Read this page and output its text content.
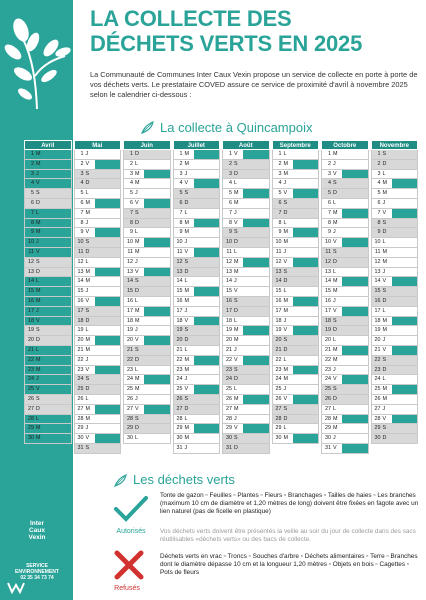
Inter
Caux
Vexin
SERVICE
ENVIRONNEMENT
02 35 34 73 74
LA COLLECTE DES
DÉCHETS VERTS EN 2025

La Communauté de Communes Inter Caux Vexin propose un service de collecte en porte à porte de vos déchets verts. Le prestataire COVED assure ce service de proximité d'avril à novembre 2025 selon le calendrier ci-dessous :

La collecte à Quincampoix
Avril
1 M
2 M
3 J
4 V
5 S
6 D
7 L
8 M
9 M
10 J
11 V
12 S
13 D
14 L
15 M
16 M
17 J
18 V
19 S
20 D
21 L
22 M
23 M
24 J
25 V
26 S
27 D
28 L
29 M
30 M
Mai
1 J
2 V
3 S
4 D
5 L
6 M
7 M
8 J
9 V
10 S
11 D
12 L
13 M
14 M
15 J
16 V
17 S
18 D
19 L
20 M
21 M
22 J
23 V
24 S
25 D
26 L
27 M
28 M
29 J
30 V
31 S
Juin
1 D
2 L
3 M
4 M
5 J
6 V
7 S
8 D
9 L
10 M
11 M
12 J
13 V
14 S
15 D
16 L
17 M
18 M
19 J
20 V
21 S
22 D
23 L
24 M
25 M
26 J
27 V
28 S
29 D
30 L
Juillet
1 M
2 M
3 J
4 V
5 S
6 D
7 L
8 M
9 M
10 J
11 V
12 S
13 D
14 L
15 M
16 M
17 J
18 V
19 S
20 D
21 L
22 M
23 M
24 J
25 V
26 S
27 D
28 L
29 M
30 M
31 J
Août
1 V
2 S
3 D
4 L
5 M
6 M
7 J
8 V
9 S
10 D
11 L
12 M
13 M
14 J
15 V
16 S
17 D
18 L
19 M
20 M
21 J
22 V
23 S
24 D
25 L
26 M
27 M
28 J
29 V
30 S
31 D
Septembre
1 L
2 M
3 M
4 J
5 V
6 S
7 D
8 L
9 M
10 M
11 J
12 V
13 S
14 D
15 L
16 M
17 M
18 J
19 V
20 S
21 D
22 L
23 M
24 M
25 J
26 V
27 S
28 D
29 L
30 M
Octobre
1 M
2 J
3 V
4 S
5 D
6 L
7 M
8 M
9 J
10 V
11 S
12 D
13 L
14 M
15 M
16 J
17 V
18 S
19 D
20 L
21 M
22 M
23 J
24 V
25 S
26 D
27 L
28 M
29 M
30 J
31 V
Novembre
1 S
2 D
3 L
4 M
5 M
6 J
7 V
8 S
9 D
10 L
11 M
12 M
13 J
14 V
15 S
16 D
17 L
18 M
19 M
20 J
21 V
22 S
23 D
24 L
25 M
26 M
27 J
28 V
29 S
30 D
Les déchets verts
Autorisés
Tonte de gazon ▫ Feuilles ▫ Plantes ▫ Fleurs ▫ Branchages ▫ Tailles de haies ▫ Les branches (maximum 10 cm de diamètre et 1,20 mètres de long) doivent être fixées en fagote avec un lien naturel (pas de ficelle en plastique)
Vos déchets verts doivent être présentés la veille au soir du jour de collecte dans des sacs réutilisables «déchets verts» ou des bacs de collecte.
Refusés
Déchets verts en vrac ▫ Troncs ▫ Souches d'arbre ▫ Déchets alimentaires ▫ Terre ▫ Branches dont le diamètre dépasse 10 cm et la longueur 1,20 mètres ▫ Objets en bois ▫ Cagettes ▫ Pots de fleurs
